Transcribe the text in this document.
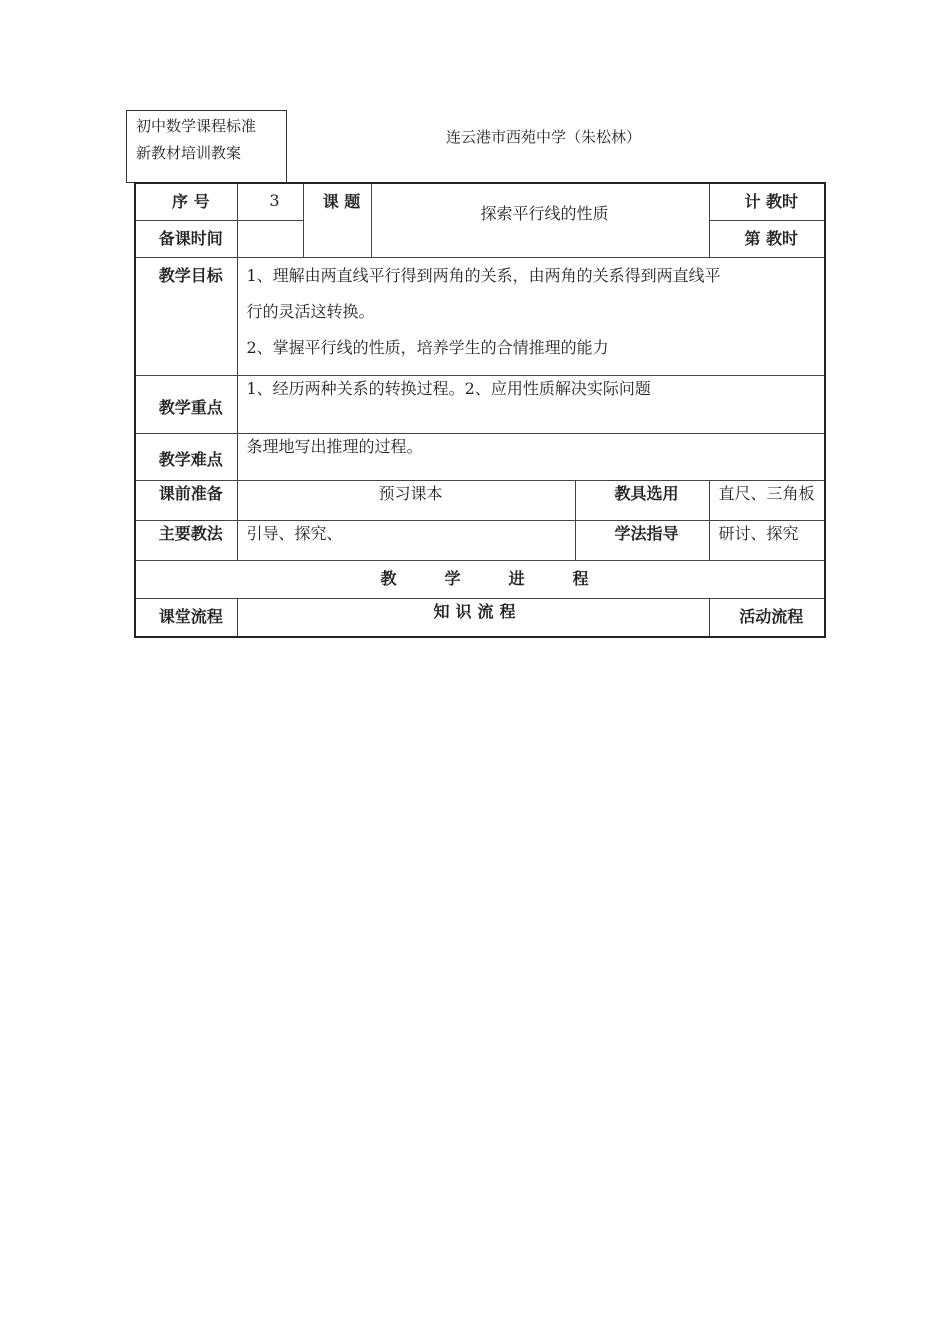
初中数学课程标准
新教材培训教案
连云港市西苑中学（朱松林）
序 号	3	课 题	探索平行线的性质		计 教时
备课时间					第 教时
教学目标	1、理解由两直线平行得到两角的关系，由两角的关系得到两直线平
行的灵活这转换。
2、掌握平行线的性质，培养学生的合情推理的能力				

教学重点	1、经历两种关系的转换过程。2、应用性质解决实际问题				
教学难点	条理地写出推理的过程。				
课前准备	预习课本			教具选用	直尺、三角板
主要教法	引导、探究、			学法指导	研讨、探究
教 学 进 程					
课堂流程	知 识 流 程				活动流程
